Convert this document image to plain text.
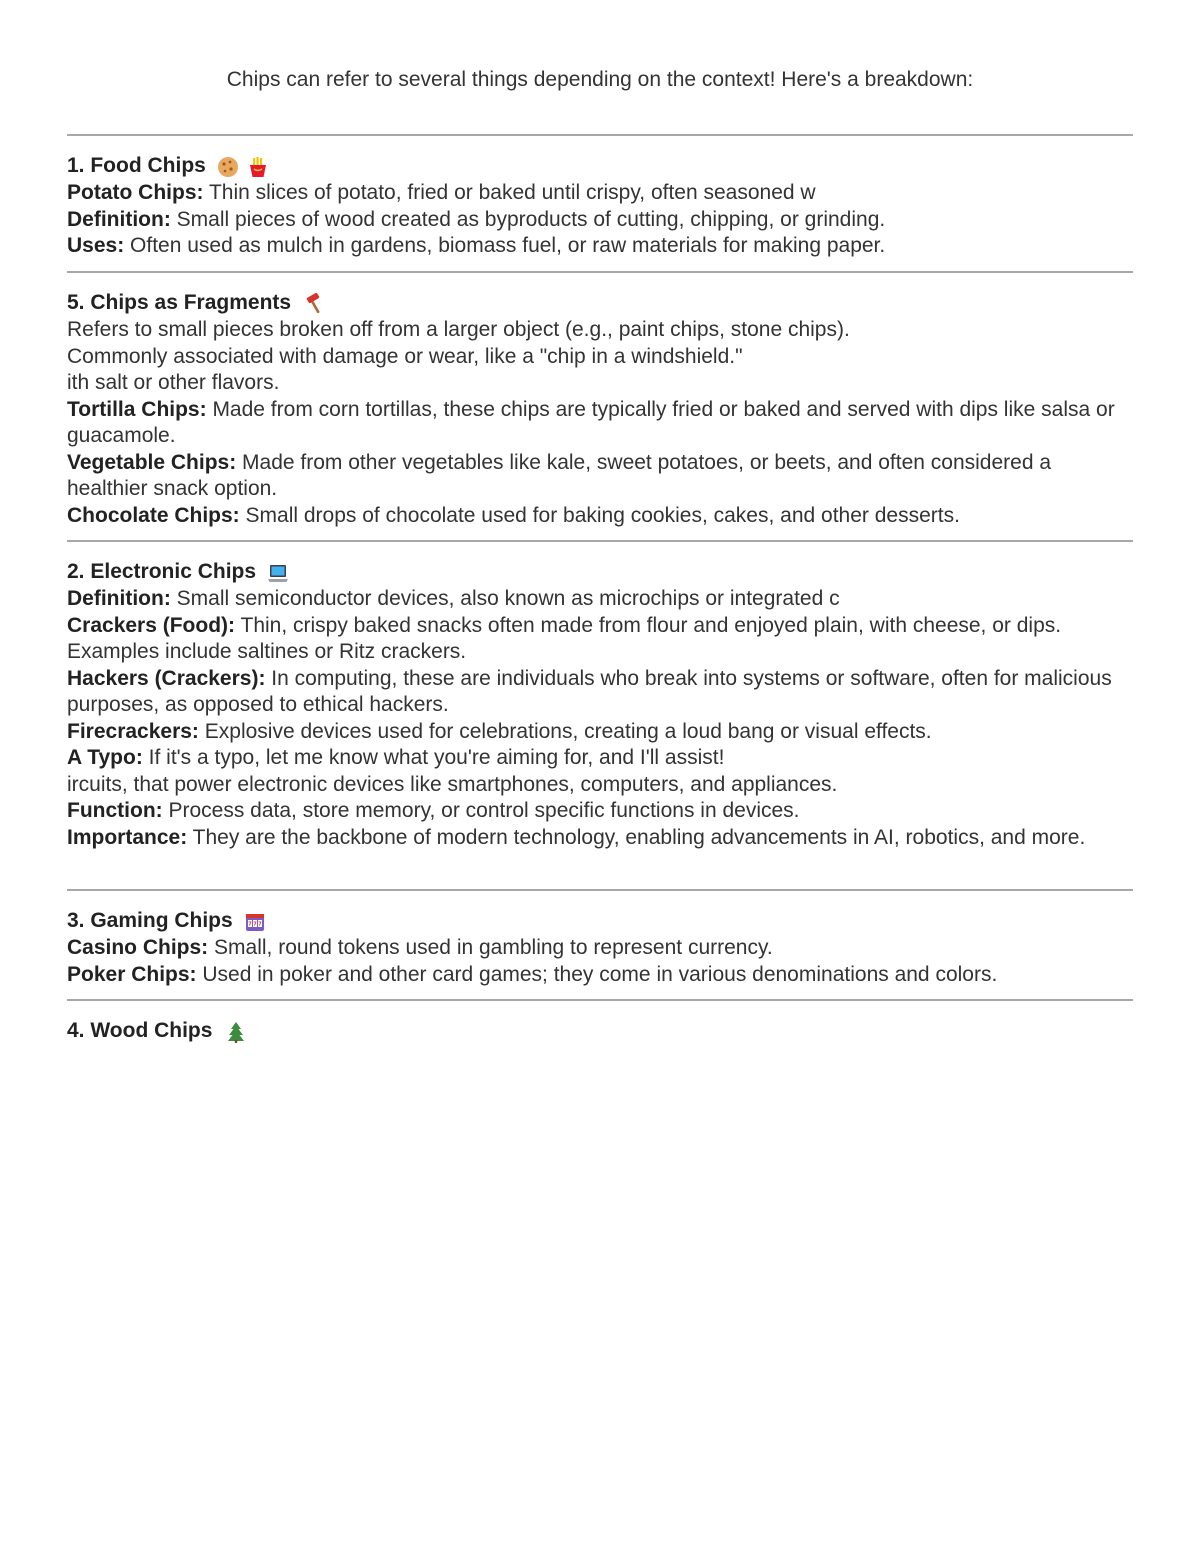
Chips can refer to several things depending on the context! Here's a breakdown:
1. Food Chips
Potato Chips: Thin slices of potato, fried or baked until crispy, often seasoned w
Definition: Small pieces of wood created as byproducts of cutting, chipping, or grinding.
Uses: Often used as mulch in gardens, biomass fuel, or raw materials for making paper.
5. Chips as Fragments
Refers to small pieces broken off from a larger object (e.g., paint chips, stone chips).
Commonly associated with damage or wear, like a "chip in a windshield."
ith salt or other flavors.
Tortilla Chips: Made from corn tortillas, these chips are typically fried or baked and served with dips like salsa or guacamole.
Vegetable Chips: Made from other vegetables like kale, sweet potatoes, or beets, and often considered a healthier snack option.
Chocolate Chips: Small drops of chocolate used for baking cookies, cakes, and other desserts.
2. Electronic Chips
Definition: Small semiconductor devices, also known as microchips or integrated c
Crackers (Food): Thin, crispy baked snacks often made from flour and enjoyed plain, with cheese, or dips. Examples include saltines or Ritz crackers.
Hackers (Crackers): In computing, these are individuals who break into systems or software, often for malicious purposes, as opposed to ethical hackers.
Firecrackers: Explosive devices used for celebrations, creating a loud bang or visual effects.
A Typo: If it's a typo, let me know what you're aiming for, and I'll assist!
ircuits, that power electronic devices like smartphones, computers, and appliances.
Function: Process data, store memory, or control specific functions in devices.
Importance: They are the backbone of modern technology, enabling advancements in AI, robotics, and more.
3. Gaming Chips	7 7 7
Casino Chips: Small, round tokens used in gambling to represent currency.
Poker Chips: Used in poker and other card games; they come in various denominations and colors.
4. Wood Chips
